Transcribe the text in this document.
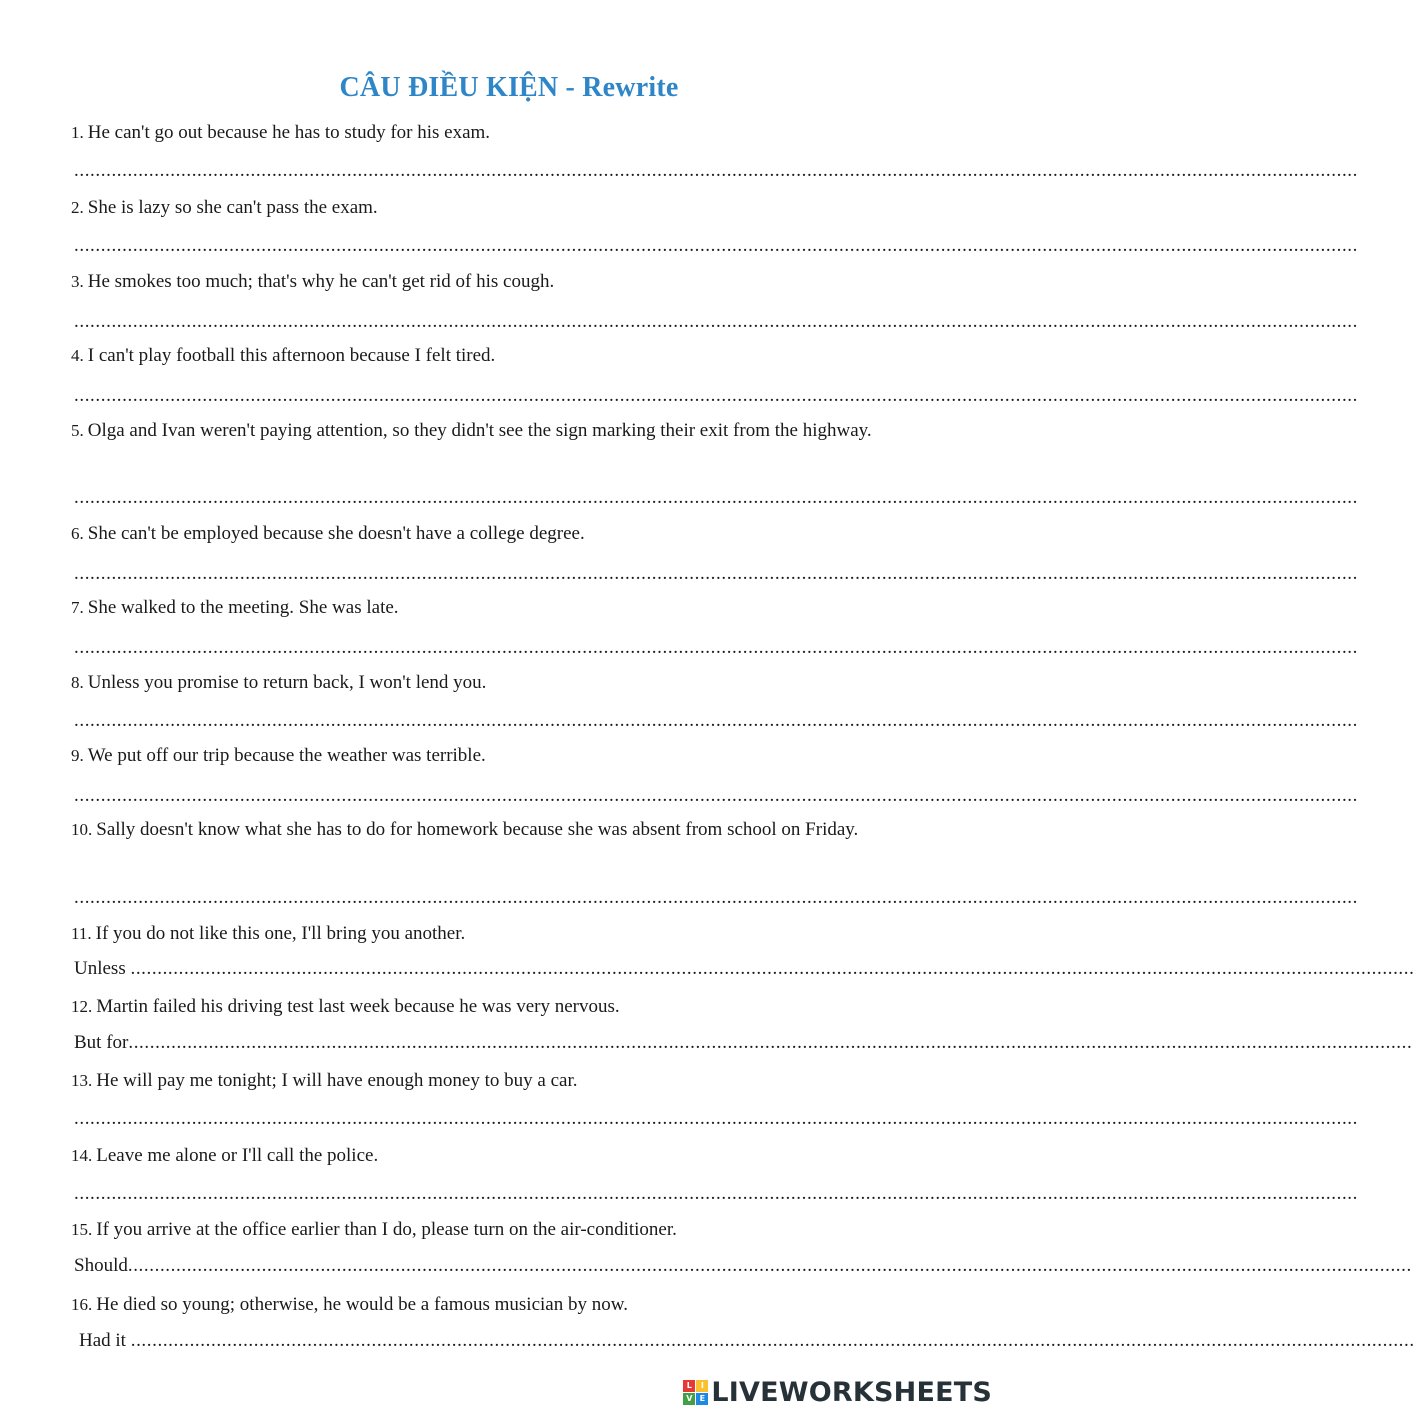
CÂU ĐIỀU KIỆN - Rewrite
1. He can't go out because he has to study for his exam.
................................................................................................................................................................................................................................................
2. She is lazy so she can't pass the exam.
................................................................................................................................................................................................................................................
3. He smokes too much; that's why he can't get rid of his cough.
................................................................................................................................................................................................................................................
4. I can't play football this afternoon because I felt tired.
................................................................................................................................................................................................................................................
5. Olga and Ivan weren't paying attention, so they didn't see the sign marking their exit from the highway.
................................................................................................................................................................................................................................................
6. She can't be employed because she doesn't have a college degree.
................................................................................................................................................................................................................................................
7. She walked to the meeting. She was late.
................................................................................................................................................................................................................................................
8. Unless you promise to return back, I won't lend you.
................................................................................................................................................................................................................................................
9. We put off our trip because the weather was terrible.
................................................................................................................................................................................................................................................
10. Sally doesn't know what she has to do for homework because she was absent from school on Friday.
................................................................................................................................................................................................................................................
11. If you do not like this one, I'll bring you another.
Unless ................................................................................................................................................................................................................................................
12. Martin failed his driving test last week because he was very nervous.
But for................................................................................................................................................................................................................................................
13. He will pay me tonight; I will have enough money to buy a car.
................................................................................................................................................................................................................................................
14. Leave me alone or I'll call the police.
................................................................................................................................................................................................................................................
15. If you arrive at the office earlier than I do, please turn on the air-conditioner.
Should................................................................................................................................................................................................................................................
16. He died so young; otherwise, he would be a famous musician by now.
Had it ................................................................................................................................................................................................................................................
L	I
V E LIVEWORKSHEETS
